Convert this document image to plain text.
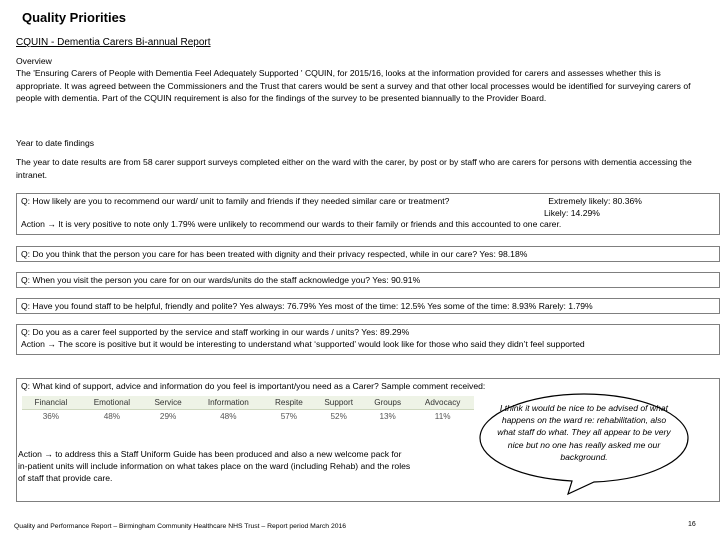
Quality Priorities
CQUIN - Dementia Carers Bi-annual Report
Overview
The 'Ensuring Carers of People with Dementia Feel Adequately Supported ' CQUIN, for 2015/16, looks at the information provided for carers and assesses whether this is appropriate. It was agreed between the Commissioners and the Trust that carers would be sent a survey and that other local processes would be identified for surveying carers of people with dementia. Part of the CQUIN requirement is also for the findings of the survey to be presented biannually to the Provider Board.
Year to date findings
The year to date results are from 58 carer support surveys completed either on the ward with the carer, by post or by staff who are carers for persons with dementia accessing the intranet.
Q: How likely are you to recommend our ward/ unit to family and friends if they needed similar care or treatment?	Extremely likely: 80.36%
Likely: 14.29%
Action → It is very positive to note only 1.79% were unlikely to recommend our wards to their family or friends and this accounted to one carer.
Q: Do you think that the person you care for has been treated with dignity and their privacy respected, while in our care? Yes: 98.18%
Q: When you visit the person you care for on our wards/units do the staff acknowledge you? Yes: 90.91%
Q: Have you found staff to be helpful, friendly and polite? Yes always: 76.79% Yes most of the time: 12.5% Yes some of the time: 8.93% Rarely: 1.79%
Q: Do you as a carer feel supported by the service and staff working in our wards / units? Yes: 89.29%
Action → The score is positive but it would be interesting to understand what ‘supported’ would look like for those who said they didn’t feel supported
Q: What kind of support, advice and information do you feel is important/you need as a Carer? Sample comment received:
Financial	Emotional	Service	Information	Respite	Support	Groups	Advocacy
36%	48%	29%	48%	57%	52%	13%	11%
Action → to address this a Staff Uniform Guide has been produced and also a new welcome pack for in-patient units will include information on what takes place on the ward (including Rehab) and the roles of staff that provide care.
I think it would be nice to be advised of what happens on the ward re: rehabilitation, also what staff do what. They all appear to be very nice but no one has really asked me our background.
Quality and Performance Report – Birmingham Community Healthcare NHS Trust – Report period March 2016	16
